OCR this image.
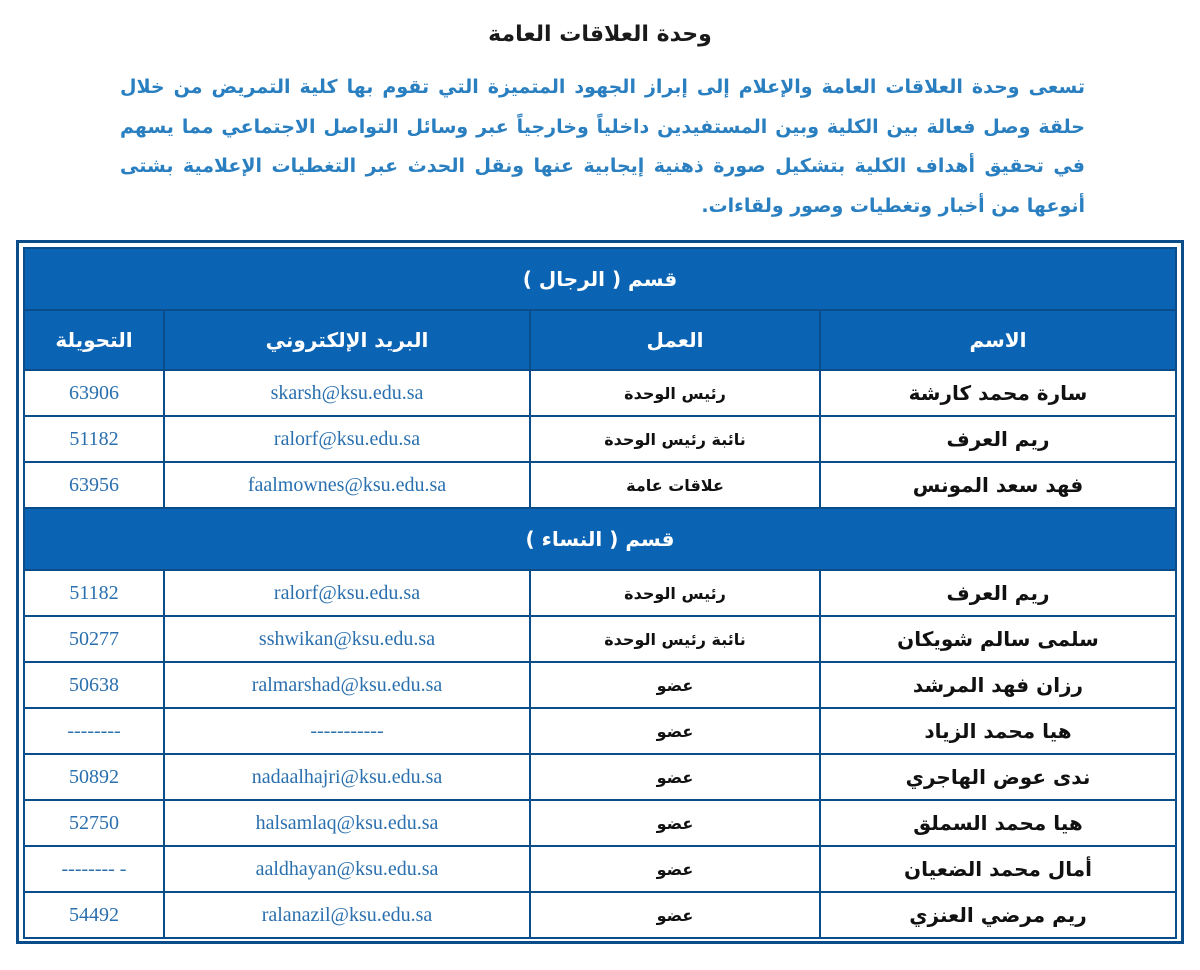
وحدة العلاقات العامة

تسعى وحدة العلاقات العامة والإعلام إلى إبراز الجهود المتميزة التي تقوم بها كلية التمريض من خلال حلقة وصل فعالة بين الكلية وبين المستفيدين داخلياً وخارجياً عبر وسائل التواصل الاجتماعي مما يسهم في تحقيق أهداف الكلية بتشكيل صورة ذهنية إيجابية عنها ونقل الحدث عبر التغطيات الإعلامية بشتى أنوعها من أخبار وتغطيات وصور ولقاءات.

قسم ( الرجال )			
الاسم	العمل	البريد الإلكتروني	التحويلة
سارة محمد كارشة	رئيس الوحدة	skarsh@ksu.edu.sa	63906
ريم العرف	نائبة رئيس الوحدة	ralorf@ksu.edu.sa	51182
فهد سعد المونس	علاقات عامة	faalmownes@ksu.edu.sa	63956
قسم ( النساء )			
ريم العرف	رئيس الوحدة	ralorf@ksu.edu.sa	51182
سلمى سالم شويكان	نائبة رئيس الوحدة	sshwikan@ksu.edu.sa	50277
رزان فهد المرشد	عضو	ralmarshad@ksu.edu.sa	50638
هيا محمد الزياد	عضو	-----------	--------
ندى عوض الهاجري	عضو	nadaalhajri@ksu.edu.sa	50892
هيا محمد السملق	عضو	halsamlaq@ksu.edu.sa	52750
أمال محمد الضعيان	عضو	aaldhayan@ksu.edu.sa	- --------
ريم مرضي العنزي	عضو	ralanazil@ksu.edu.sa	54492
